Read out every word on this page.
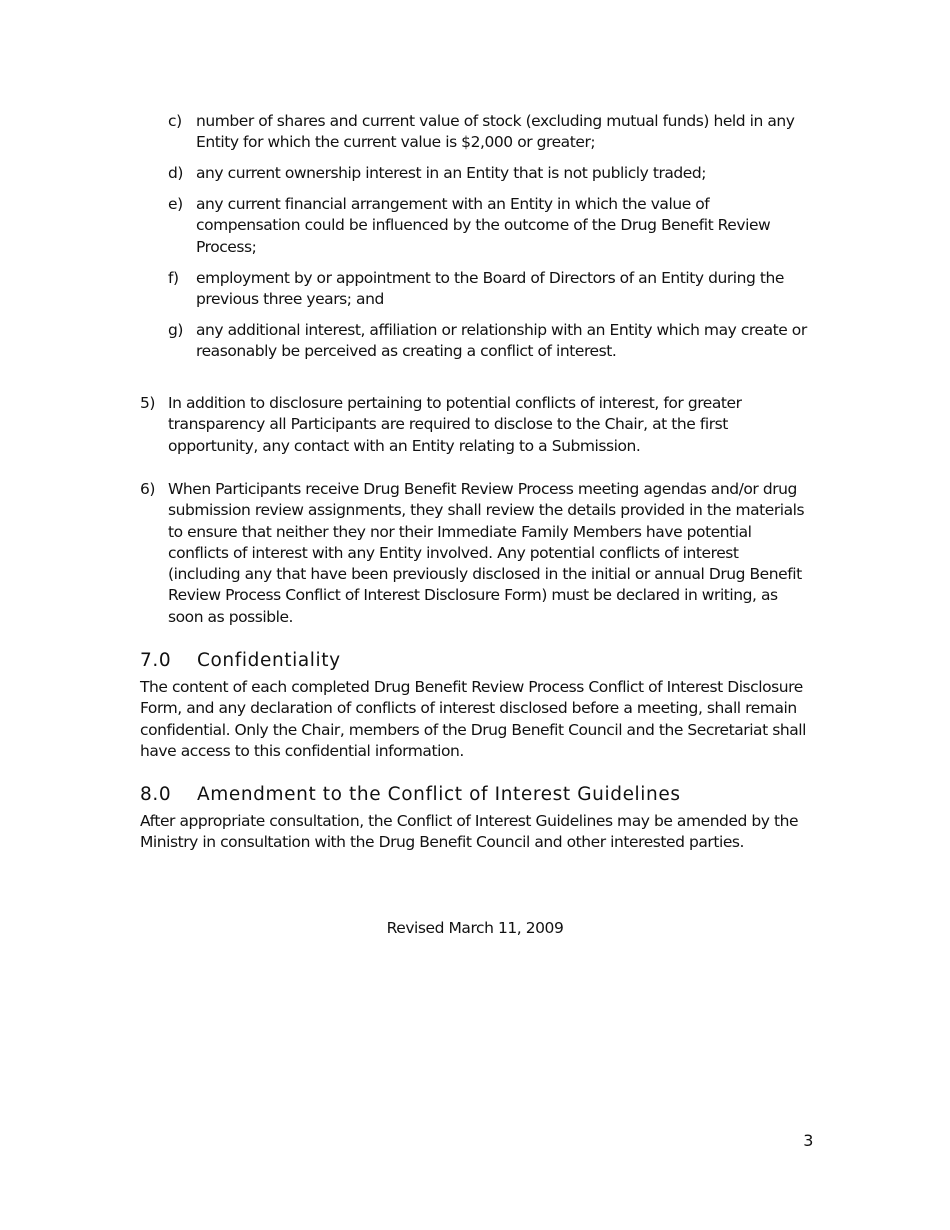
c) number of shares and current value of stock (excluding mutual funds) held in any Entity for which the current value is $2,000 or greater;
d) any current ownership interest in an Entity that is not publicly traded;
e) any current financial arrangement with an Entity in which the value of compensation could be influenced by the outcome of the Drug Benefit Review Process;
f)	employment by or appointment to the Board of Directors of an Entity during the previous three years; and
g) any additional interest, affiliation or relationship with an Entity which may create or reasonably be perceived as creating a conflict of interest.
5) In addition to disclosure pertaining to potential conflicts of interest, for greater transparency all Participants are required to disclose to the Chair, at the first opportunity, any contact with an Entity relating to a Submission.
6) When Participants receive Drug Benefit Review Process meeting agendas and/or drug submission review assignments, they shall review the details provided in the materials to ensure that neither they nor their Immediate Family Members have potential conflicts of interest with any Entity involved. Any potential conflicts of interest (including any that have been previously disclosed in the initial or annual Drug Benefit Review Process Conflict of Interest Disclosure Form) must be declared in writing, as soon as possible.
7.0	Confidentiality
The content of each completed Drug Benefit Review Process Conflict of Interest Disclosure Form, and any declaration of conflicts of interest disclosed before a meeting, shall remain confidential. Only the Chair, members of the Drug Benefit Council and the Secretariat shall have access to this confidential information.
8.0	Amendment to the Conflict of Interest Guidelines
After appropriate consultation, the Conflict of Interest Guidelines may be amended by the Ministry in consultation with the Drug Benefit Council and other interested parties.
Revised March 11, 2009
3
